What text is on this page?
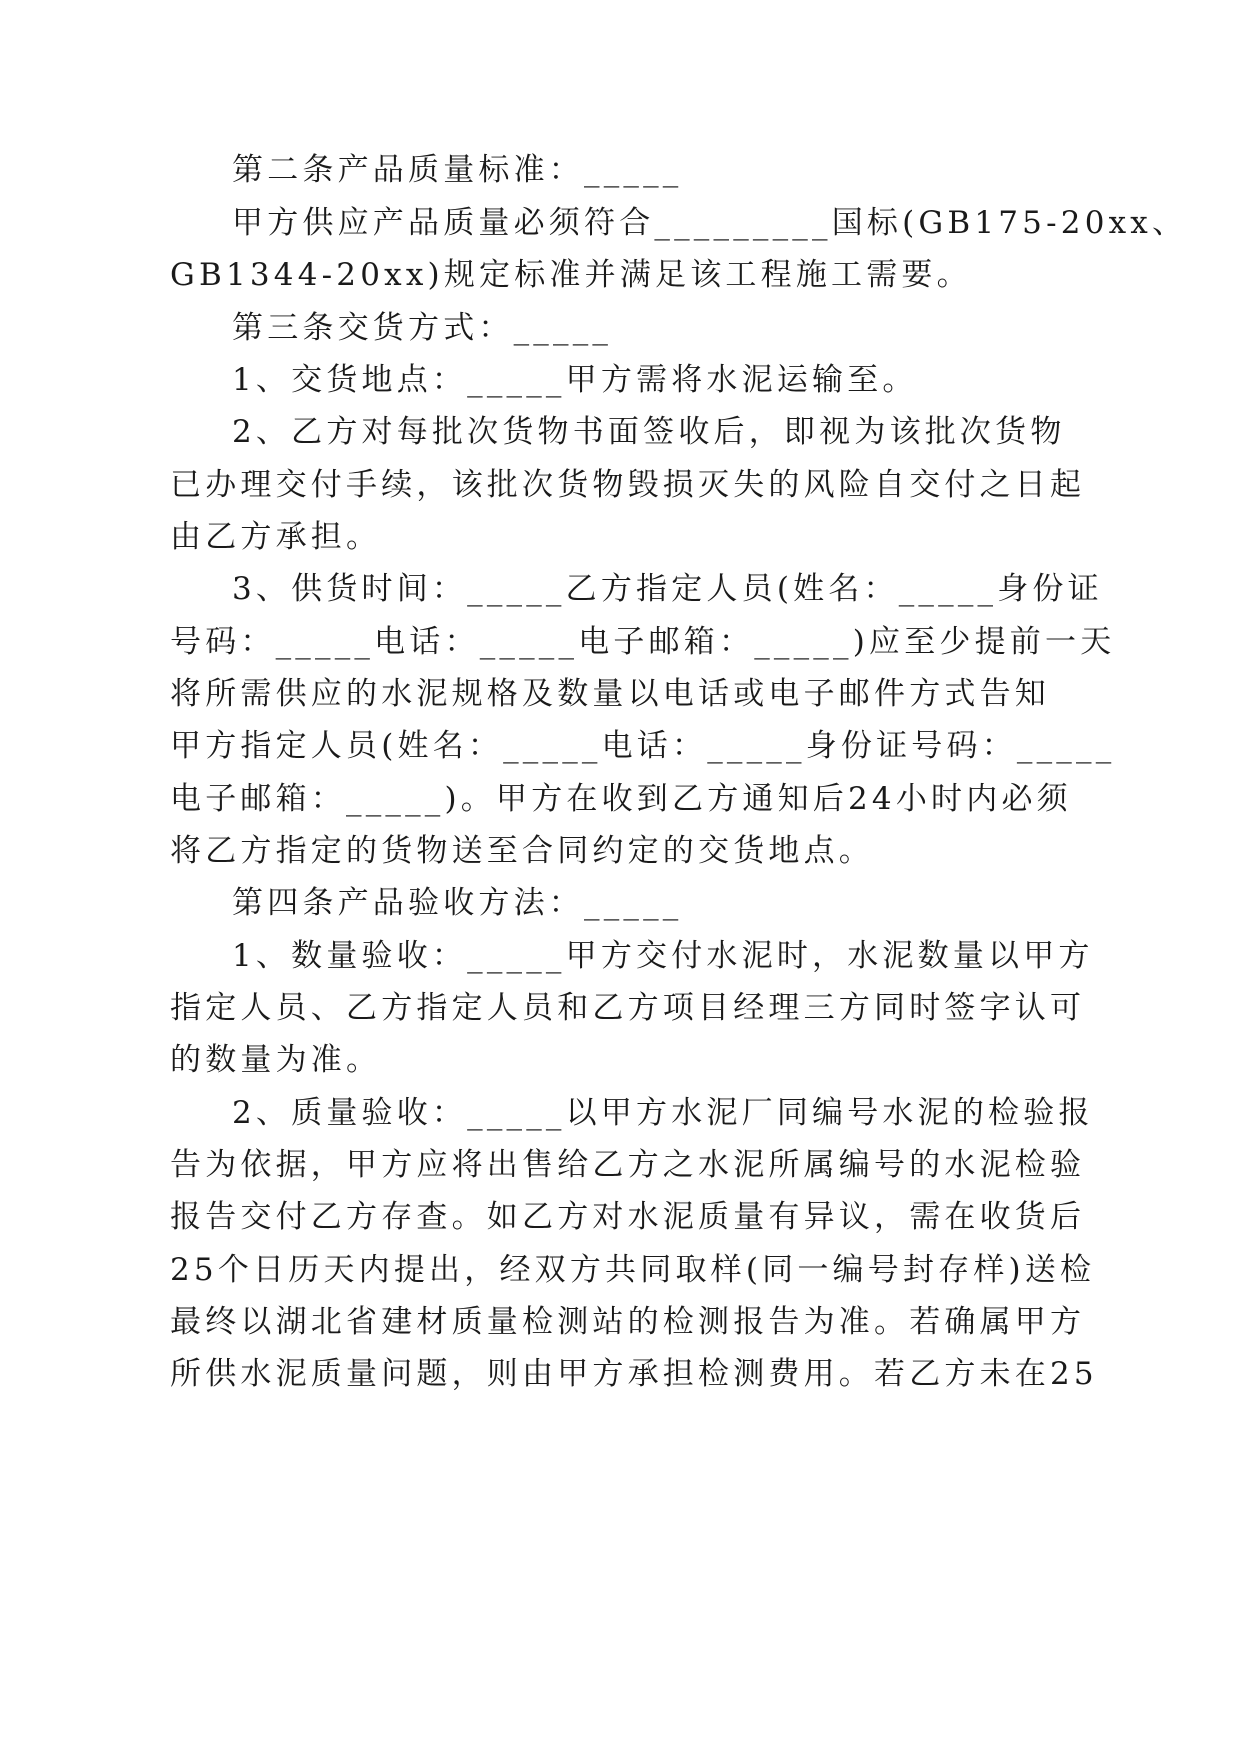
第二条产品质量标准：_____
甲方供应产品质量必须符合_________国标(GB175-20xx、
GB1344-20xx)规定标准并满足该工程施工需要。
第三条交货方式：_____
1、交货地点：_____甲方需将水泥运输至。
2、乙方对每批次货物书面签收后，即视为该批次货物
已办理交付手续，该批次货物毁损灭失的风险自交付之日起
由乙方承担。
3、供货时间：_____乙方指定人员(姓名：_____身份证
号码：_____电话：_____电子邮箱：_____)应至少提前一天
将所需供应的水泥规格及数量以电话或电子邮件方式告知
甲方指定人员(姓名：_____电话：_____身份证号码：_____
电子邮箱：_____)。甲方在收到乙方通知后24小时内必须
将乙方指定的货物送至合同约定的交货地点。
第四条产品验收方法：_____
1、数量验收：_____甲方交付水泥时，水泥数量以甲方
指定人员、乙方指定人员和乙方项目经理三方同时签字认可
的数量为准。
2、质量验收：_____以甲方水泥厂同编号水泥的检验报
告为依据，甲方应将出售给乙方之水泥所属编号的水泥检验
报告交付乙方存查。如乙方对水泥质量有异议，需在收货后
25个日历天内提出，经双方共同取样(同一编号封存样)送检
最终以湖北省建材质量检测站的检测报告为准。若确属甲方
所供水泥质量问题，则由甲方承担检测费用。若乙方未在25
